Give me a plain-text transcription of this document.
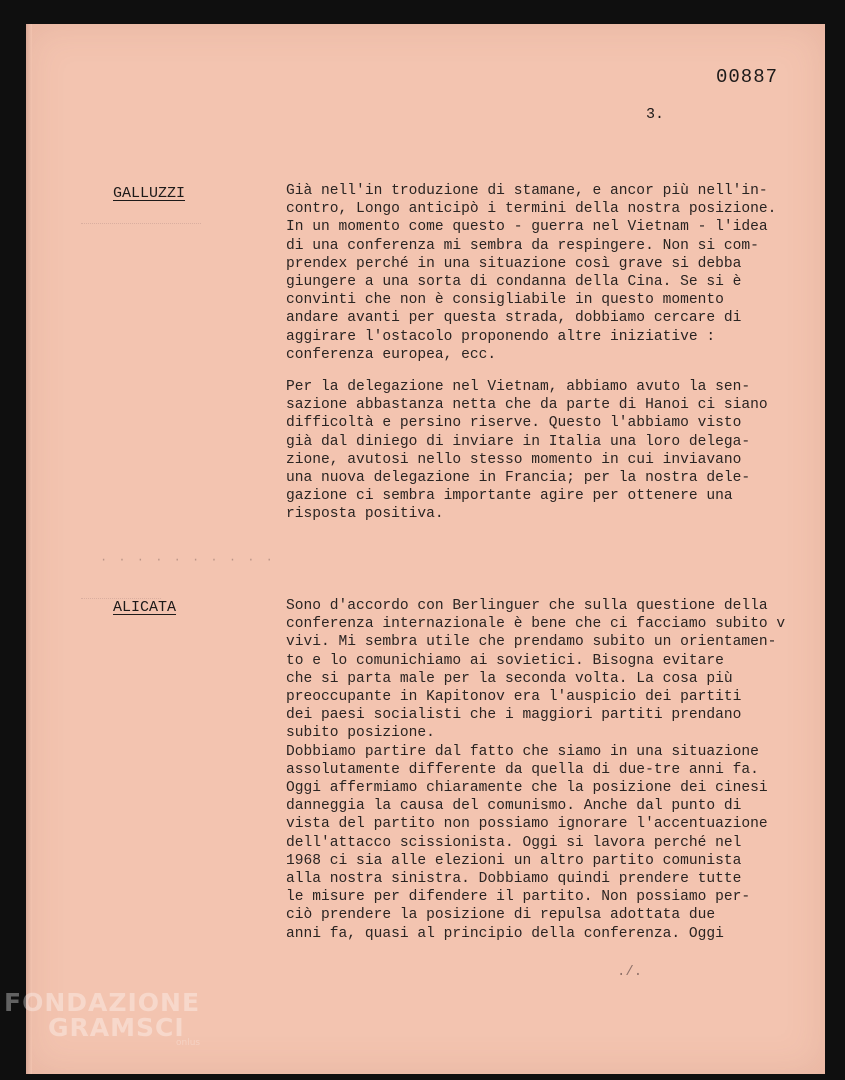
00887
3.
GALLUZZI	Già nell'in troduzione di stamane, e ancor più nell'in-
contro, Longo anticipò i termini della nostra posizione.
In un momento come questo - guerra nel Vietnam - l'idea
di una conferenza mi sembra da respingere. Non si com-
prendex perché in una situazione così grave si debba
giungere a una sorta di condanna della Cina. Se si è
convinti che non è consigliabile in questo momento
andare avanti per questa strada, dobbiamo cercare di
aggirare l'ostacolo proponendo altre iniziative :
conferenza europea, ecc.
Per la delegazione nel Vietnam, abbiamo avuto la sen-
sazione abbastanza netta che da parte di Hanoi ci siano
difficoltà e persino riserve. Questo l'abbiamo visto
già dal diniego di inviare in Italia una loro delega-
zione, avutosi nello stesso momento in cui inviavano
una nuova delegazione in Francia; per la nostra dele-
gazione ci sembra importante agire per ottenere una
risposta positiva.
· · · · · · · · · ·
ALICATA	Sono d'accordo con Berlinguer che sulla questione della
conferenza internazionale è bene che ci facciamo subito v
vivi. Mi sembra utile che prendamo subito un orientamen-
to e lo comunichiamo ai sovietici. Bisogna evitare
che si parta male per la seconda volta. La cosa più
preoccupante in Kapitonov era l'auspicio dei partiti
dei paesi socialisti che i maggiori partiti prendano
subito posizione.
Dobbiamo partire dal fatto che siamo in una situazione
assolutamente differente da quella di due-tre anni fa.
Oggi affermiamo chiaramente che la posizione dei cinesi
danneggia la causa del comunismo. Anche dal punto di
vista del partito non possiamo ignorare l'accentuazione
dell'attacco scissionista. Oggi si lavora perché nel
1968 ci sia alle elezioni un altro partito comunista
alla nostra sinistra. Dobbiamo quindi prendere tutte
le misure per difendere il partito. Non possiamo per-
ciò prendere la posizione di repulsa adottata due
anni fa, quasi al principio della conferenza. Oggi
./.
FONDAZIONE
GRAMSCI
onlus
